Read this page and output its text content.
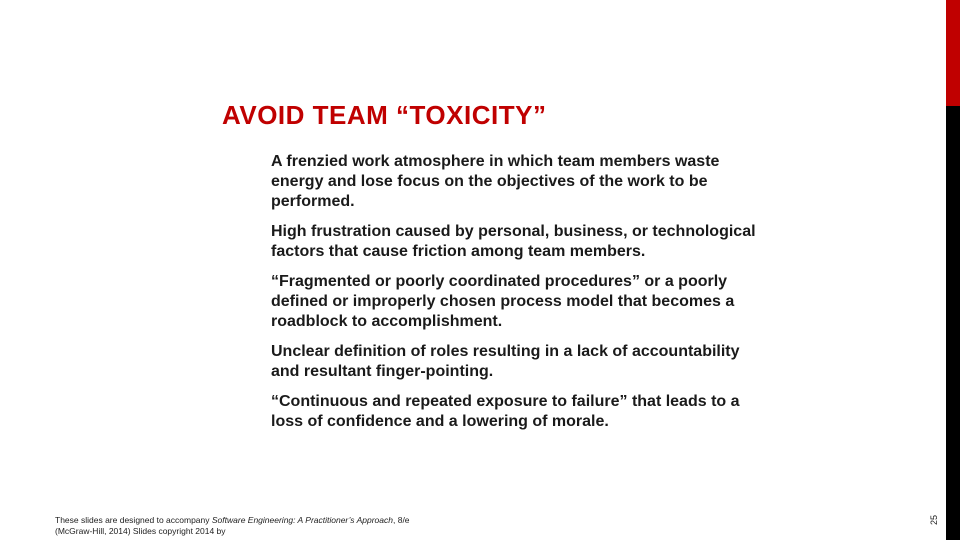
AVOID TEAM “TOXICITY”
A frenzied work atmosphere in which team members waste energy and lose focus on the objectives of the work to be performed.
High frustration caused by personal, business, or technological factors that cause friction among team members.
“Fragmented or poorly coordinated procedures” or a poorly defined or improperly chosen process model that becomes a roadblock to accomplishment.
Unclear definition of roles resulting in a lack of accountability and resultant finger-pointing.
“Continuous and repeated exposure to failure” that leads to a loss of confidence and a lowering of morale.

These slides are designed to accompany Software Engineering: A Practitioner’s Approach, 8/e (McGraw-Hill, 2014) Slides copyright 2014 by

25
